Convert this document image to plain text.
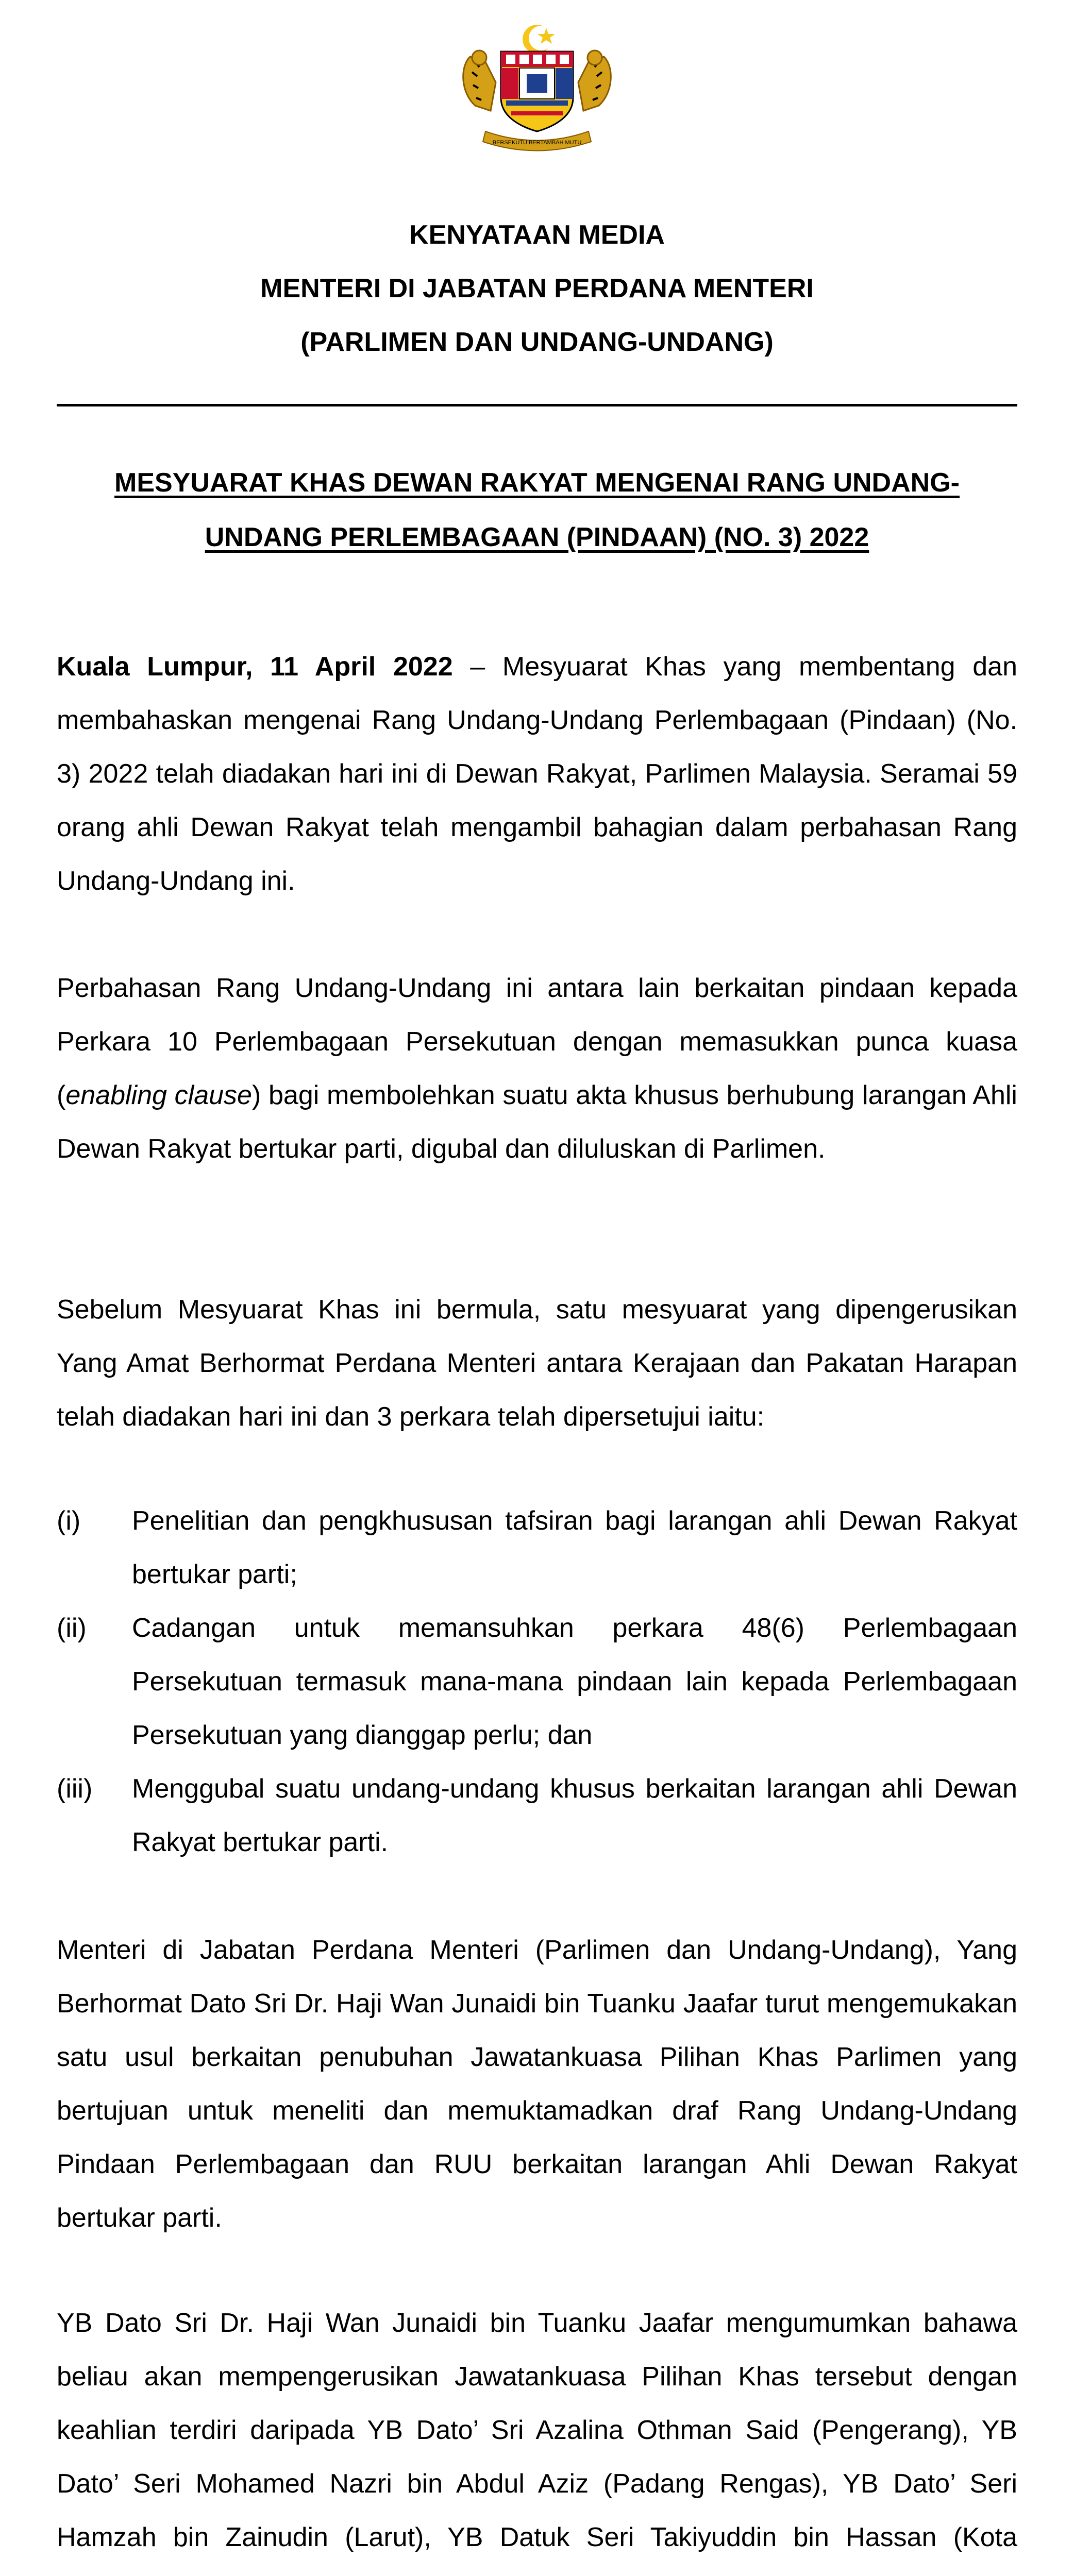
BERSEKUTU BERTAMBAH MUTU
KENYATAAN MEDIA
MENTERI DI JABATAN PERDANA MENTERI
(PARLIMEN DAN UNDANG-UNDANG)
MESYUARAT KHAS DEWAN RAKYAT MENGENAI RANG UNDANG-UNDANG PERLEMBAGAAN (PINDAAN) (NO. 3) 2022
Kuala Lumpur, 11 April 2022 – Mesyuarat Khas yang membentang dan membahaskan mengenai Rang Undang-Undang Perlembagaan (Pindaan) (No. 3) 2022 telah diadakan hari ini di Dewan Rakyat, Parlimen Malaysia. Seramai 59 orang ahli Dewan Rakyat telah mengambil bahagian dalam perbahasan Rang Undang-Undang ini.
Perbahasan Rang Undang-Undang ini antara lain berkaitan pindaan kepada Perkara 10 Perlembagaan Persekutuan dengan memasukkan punca kuasa (enabling clause) bagi membolehkan suatu akta khusus berhubung larangan Ahli Dewan Rakyat bertukar parti, digubal dan diluluskan di Parlimen.
Sebelum Mesyuarat Khas ini bermula, satu mesyuarat yang dipengerusikan Yang Amat Berhormat Perdana Menteri antara Kerajaan dan Pakatan Harapan telah diadakan hari ini dan 3 perkara telah dipersetujui iaitu:
(i)	Penelitian dan pengkhususan tafsiran bagi larangan ahli Dewan Rakyat bertukar parti;
(ii)	Cadangan untuk memansuhkan perkara 48(6) Perlembagaan Persekutuan termasuk mana-mana pindaan lain kepada Perlembagaan Persekutuan yang dianggap perlu; dan
(iii)	Menggubal suatu undang-undang khusus berkaitan larangan ahli Dewan Rakyat bertukar parti.
Menteri di Jabatan Perdana Menteri (Parlimen dan Undang-Undang), Yang Berhormat Dato Sri Dr. Haji Wan Junaidi bin Tuanku Jaafar turut mengemukakan satu usul berkaitan penubuhan Jawatankuasa Pilihan Khas Parlimen yang bertujuan untuk meneliti dan memuktamadkan draf Rang Undang-Undang Pindaan Perlembagaan dan RUU berkaitan larangan Ahli Dewan Rakyat bertukar parti.
YB Dato Sri Dr. Haji Wan Junaidi bin Tuanku Jaafar mengumumkan bahawa beliau akan mempengerusikan Jawatankuasa Pilihan Khas tersebut dengan keahlian terdiri daripada YB Dato’ Sri Azalina Othman Said (Pengerang), YB Dato’ Seri Mohamed Nazri bin Abdul Aziz (Padang Rengas), YB Dato’ Seri Hamzah bin Zainudin (Larut), YB Datuk Seri Takiyuddin bin Hassan (Kota
